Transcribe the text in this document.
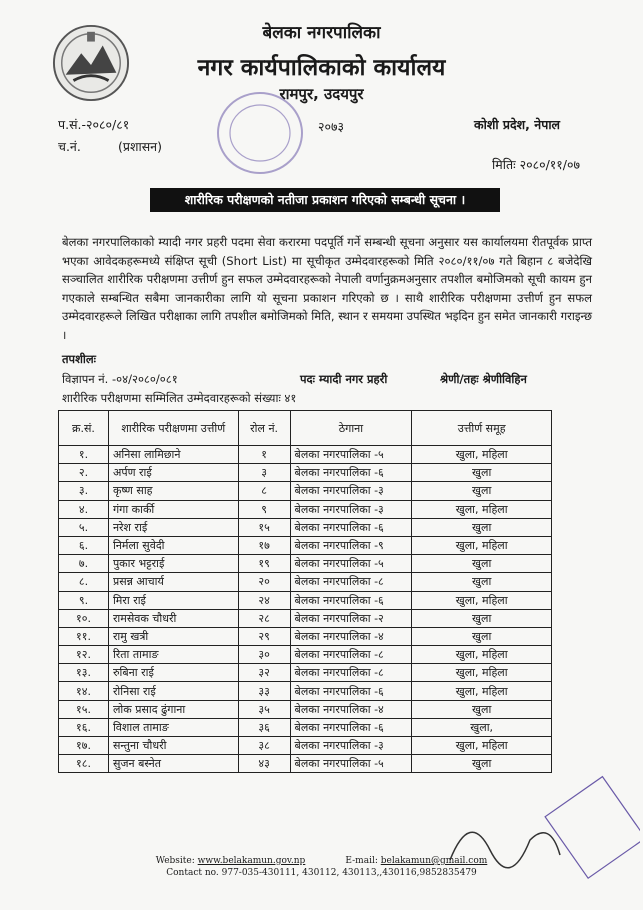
बेलका नगरपालिका
नगर कार्यपालिकाको कार्यालय
रामपुर, उदयपुर
प.सं.-२०८०/८१
च.नं.	(प्रशासन)
२०७३	कोशी प्रदेश, नेपाल
मितिः २०८०/११/०७
शारीरिक परीक्षणको नतीजा प्रकाशन गरिएको सम्बन्धी सूचना ।
बेलका नगरपालिकाको म्यादी नगर प्रहरी पदमा सेवा करारमा पदपूर्ति गर्ने सम्बन्धी सूचना अनुसार यस कार्यालयमा रीतपूर्वक प्राप्त भएका आवेदकहरूमध्ये संक्षिप्त सूची (Short List) मा सूचीकृत उम्मेदवारहरूको मिति २०८०/११/०७ गते बिहान ८ बजेदेखि सञ्चालित शारीरिक परीक्षणमा उत्तीर्ण हुन सफल उम्मेदवारहरूको नेपाली वर्णानुक्रमअनुसार तपशील बमोजिमको सूची कायम हुन गएकाले सम्बन्धित सबैमा जानकारीका लागि यो सूचना प्रकाशन गरिएको छ । साथै शारीरिक परीक्षणमा उत्तीर्ण हुन सफल उम्मेदवारहरूले लिखित परीक्षाका लागि तपशील बमोजिमको मिति, स्थान र समयमा उपस्थित भइदिन हुन समेत जानकारी गराइन्छ ।
तपशीलः
विज्ञापन नं. -०४/२०८०/०८१	पदः म्यादी नगर प्रहरी	श्रेणी/तहः श्रेणीविहिन
शारीरिक परीक्षणमा सम्मिलित उम्मेदवारहरूको संख्याः ४१
क्र.सं.	शारीरिक परीक्षणमा उत्तीर्ण	रोल नं.	ठेगाना	उत्तीर्ण समूह
१.	अनिसा लामिछाने	१	बेलका नगरपालिका -५	खुला, महिला
२.	अर्पण राई	३	बेलका नगरपालिका -६	खुला
३.	कृष्ण साह	८	बेलका नगरपालिका -३	खुला
४.	गंगा कार्की	९	बेलका नगरपालिका -३	खुला, महिला
५.	नरेश राई	१५	बेलका नगरपालिका -६	खुला
६.	निर्मला सुवेदी	१७	बेलका नगरपालिका -९	खुला, महिला
७.	पुकार भट्टराई	१९	बेलका नगरपालिका -५	खुला
८.	प्रसन्न आचार्य	२०	बेलका नगरपालिका -८	खुला
९.	मिरा राई	२४	बेलका नगरपालिका -६	खुला, महिला
१०.	रामसेवक चौधरी	२८	बेलका नगरपालिका -२	खुला
११.	रामु खत्री	२९	बेलका नगरपालिका -४	खुला
१२.	रिता तामाङ	३०	बेलका नगरपालिका -८	खुला, महिला
१३.	रुबिना राई	३२	बेलका नगरपालिका -८	खुला, महिला
१४.	रोनिसा राई	३३	बेलका नगरपालिका -६	खुला, महिला
१५.	लोक प्रसाद ढुंगाना	३५	बेलका नगरपालिका -४	खुला
१६.	विशाल तामाङ	३६	बेलका नगरपालिका -६	खुला,
१७.	सन्तुना चौधरी	३८	बेलका नगरपालिका -३	खुला, महिला
१८.	सुजन बस्नेत	४३	बेलका नगरपालिका -५	खुला
Website: www.belakamun.gov.np	E-mail: belakamun@gmail.com
Contact no. 977-035-430111, 430112, 430113,,430116,9852835479
